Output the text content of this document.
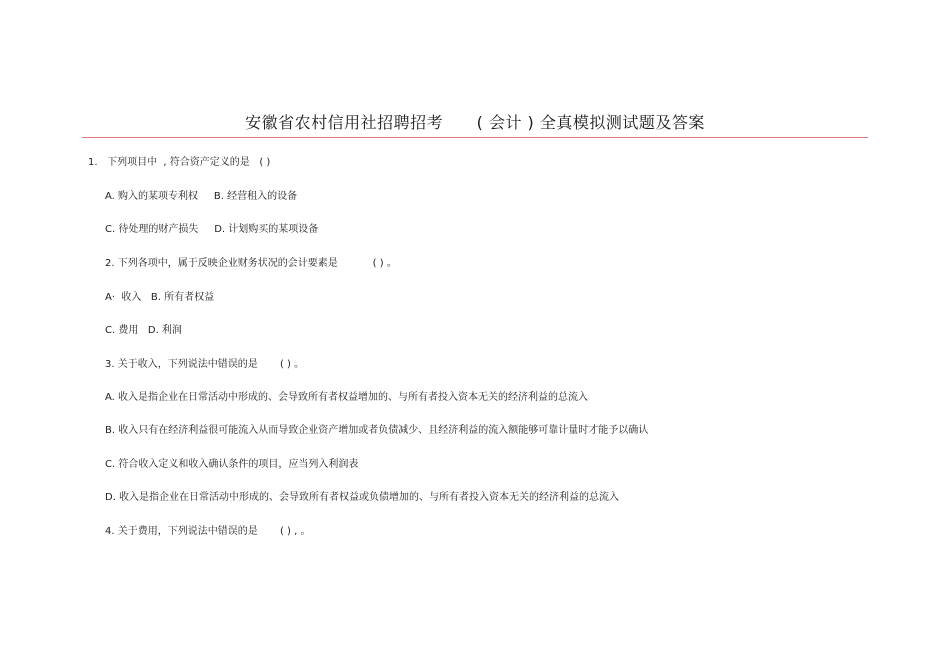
安徽省农村信用社招聘招考      ( 会计 ) 全真模拟测试题及答案
1.   下列项目中  , 符合资产定义的是   ( )
A. 购入的某项专利权     B. 经营租入的设备
C. 待处理的财产损失     D. 计划购买的某项设备
2. 下列各项中，属于反映企业财务状况的会计要素是           ( ) 。
A·  收入   B. 所有者权益
C. 费用   D. 利润
3. 关于收入，下列说法中错误的是       ( ) 。
A. 收入是指企业在日常活动中形成的、会导致所有者权益增加的、与所有者投入资本无关的经济利益的总流入
B. 收入只有在经济利益很可能流入从而导致企业资产增加或者负债减少、且经济利益的流入额能够可靠计量时才能予以确认
C. 符合收入定义和收入确认条件的项目，应当列入利润表
D. 收入是指企业在日常活动中形成的、会导致所有者权益或负债增加的、与所有者投入资本无关的经济利益的总流入
4. 关于费用，下列说法中错误的是       ( ) , 。
